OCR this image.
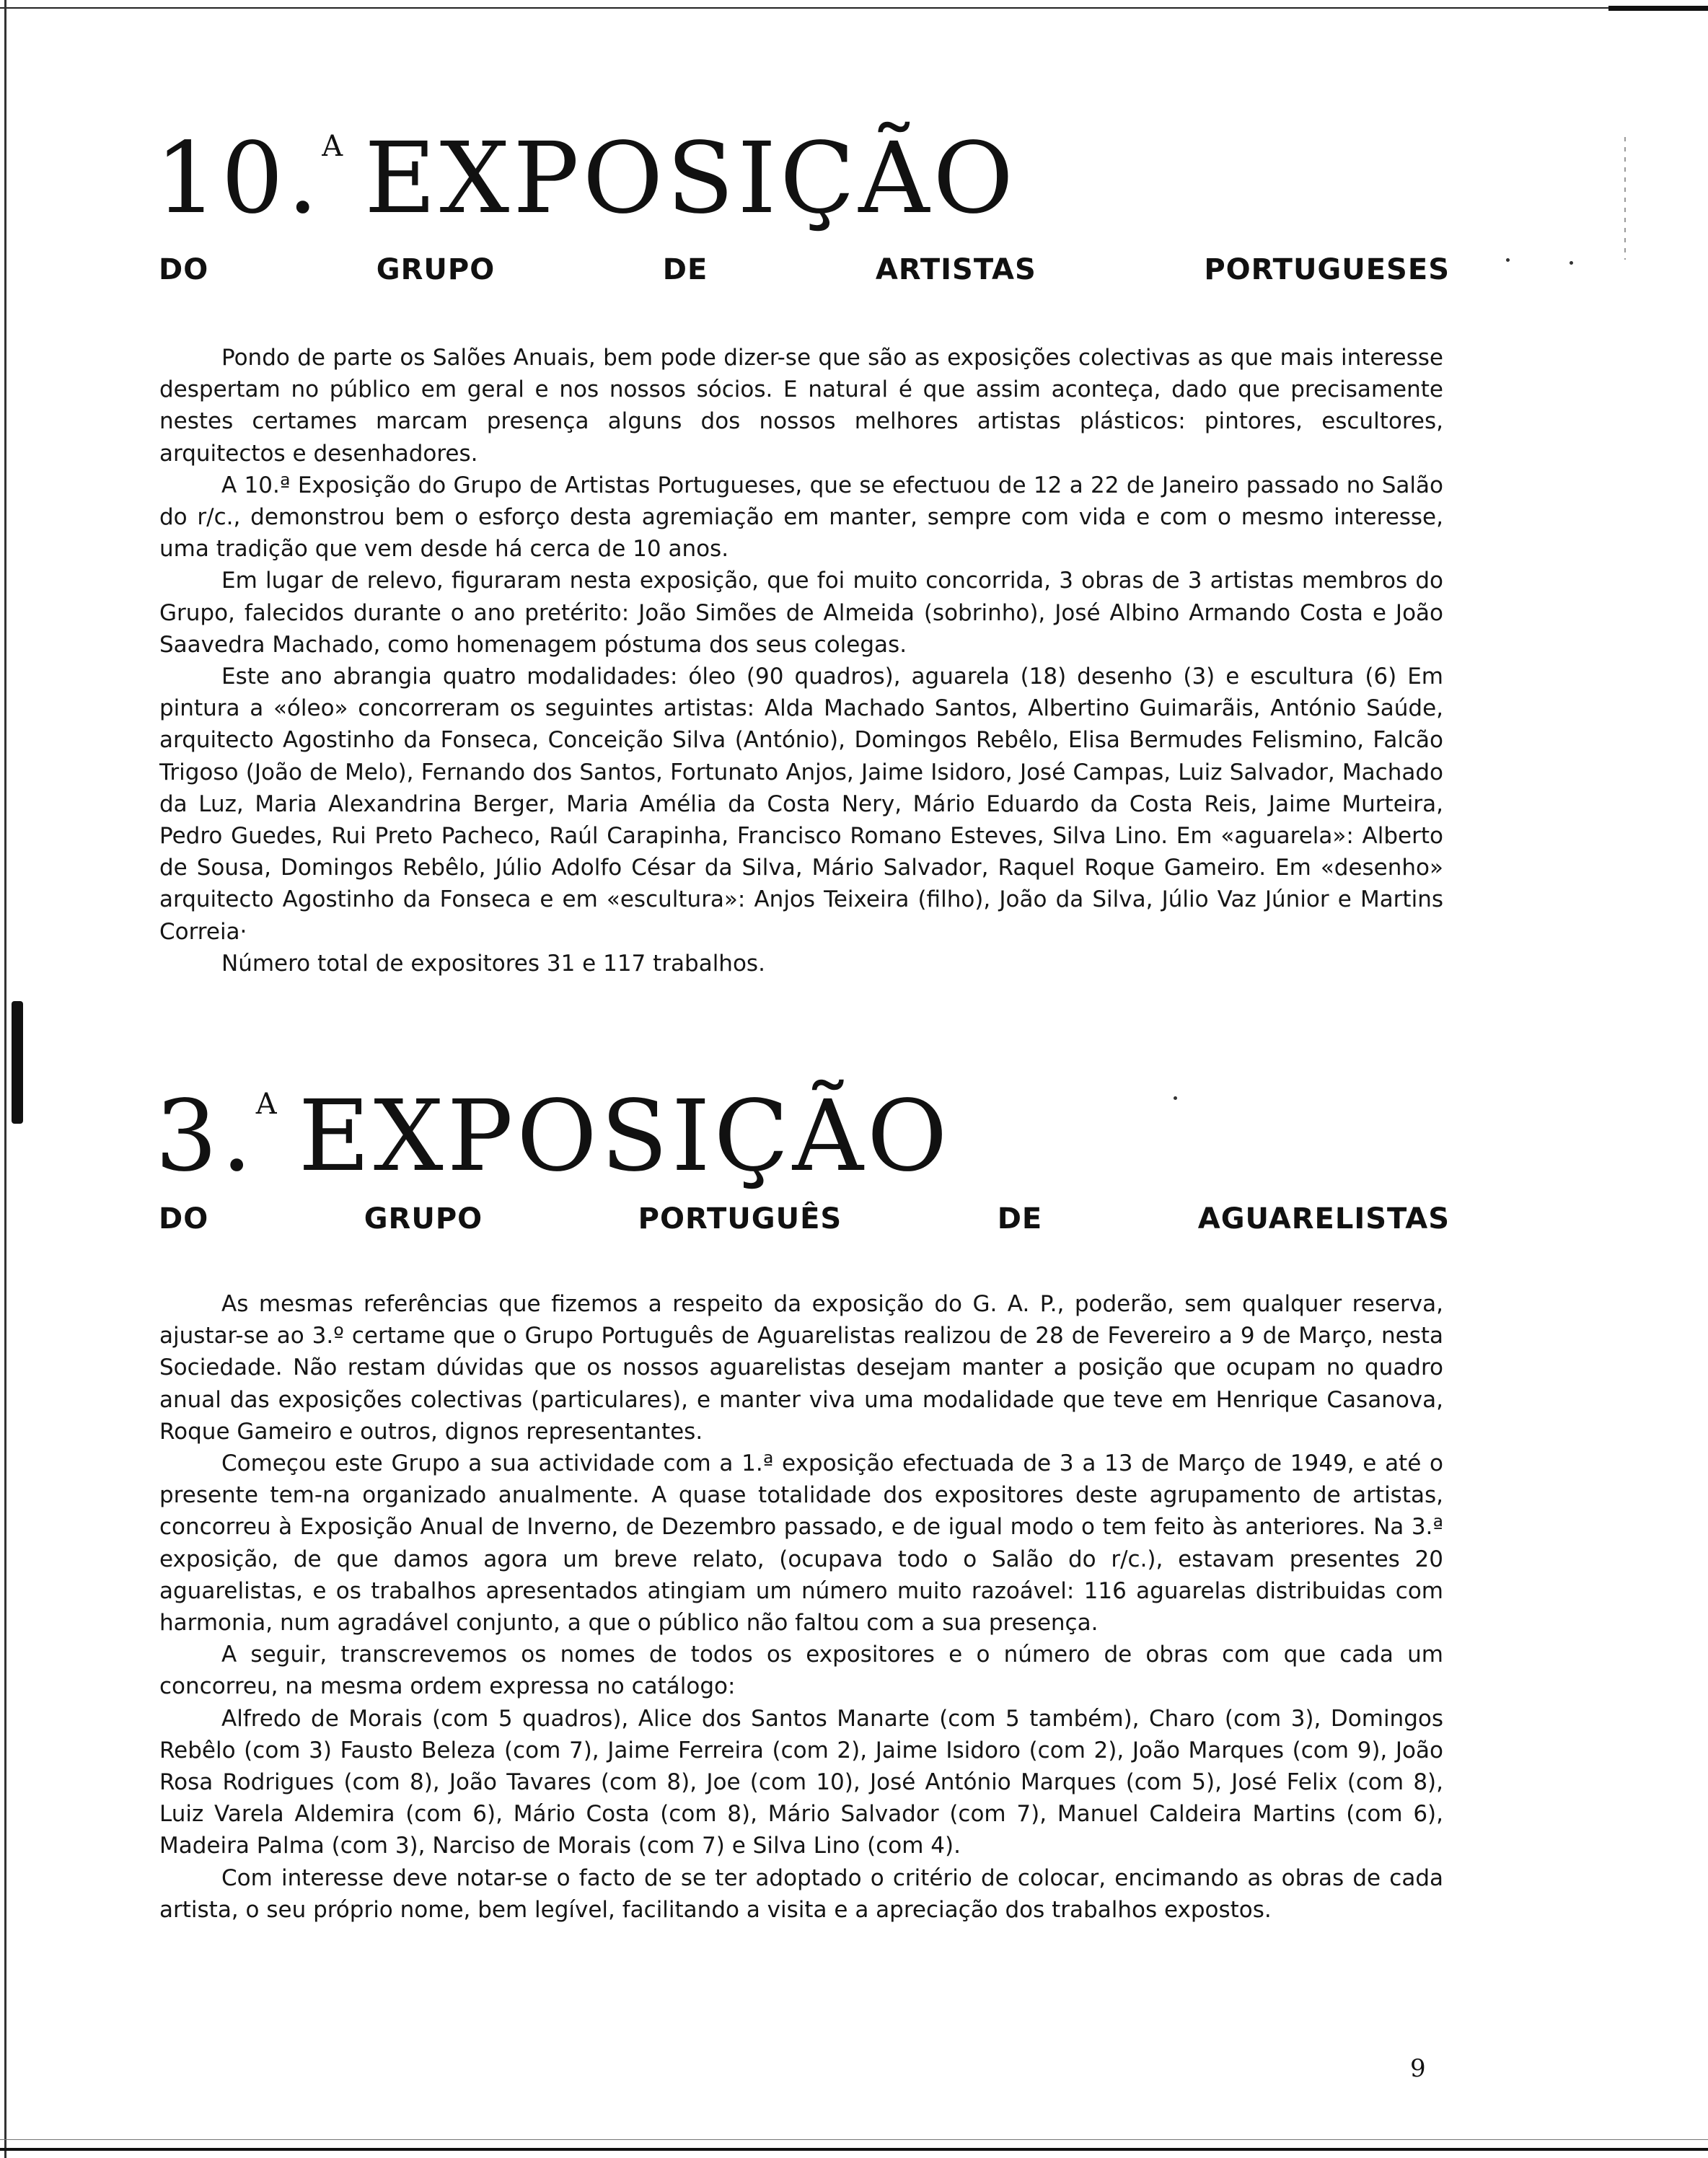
10.$^A$ EXPOSIÇÃO
DO GRUPO DE ARTISTAS PORTUGUESES

Pondo de parte os Salões Anuais, bem pode dizer-se que são as exposições colectivas as que mais interesse despertam no público em geral e nos nossos sócios. E natural é que assim aconteça, dado que precisamente nestes certames marcam presença alguns dos nossos melhores artistas plásticos: pintores, escultores, arquitectos e desenhadores.

A 10.ª Exposição do Grupo de Artistas Portugueses, que se efectuou de 12 a 22 de Janeiro passado no Salão do r/c., demonstrou bem o esforço desta agremiação em manter, sempre com vida e com o mesmo interesse, uma tradição que vem desde há cerca de 10 anos.

Em lugar de relevo, figuraram nesta exposição, que foi muito concorrida, 3 obras de 3 artistas membros do Grupo, falecidos durante o ano pretérito: João Simões de Almeida (sobrinho), José Albino Armando Costa e João Saavedra Machado, como homenagem póstuma dos seus colegas.

Este ano abrangia quatro modalidades: óleo (90 quadros), aguarela (18) desenho (3) e escultura (6) Em pintura a «óleo» concorreram os seguintes artistas: Alda Machado Santos, Albertino Guimarãis, António Saúde, arquitecto Agostinho da Fonseca, Conceição Silva (António), Domingos Rebêlo, Elisa Bermudes Felismino, Falcão Trigoso (João de Melo), Fernando dos Santos, Fortunato Anjos, Jaime Isidoro, José Campas, Luiz Salvador, Machado da Luz, Maria Alexandrina Berger, Maria Amélia da Costa Nery, Mário Eduardo da Costa Reis, Jaime Murteira, Pedro Guedes, Rui Preto Pacheco, Raúl Carapinha, Francisco Romano Esteves, Silva Lino. Em «aguarela»: Alberto de Sousa, Domingos Rebêlo, Júlio Adolfo César da Silva, Mário Salvador, Raquel Roque Gameiro. Em «desenho» arquitecto Agostinho da Fonseca e em «escultura»: Anjos Teixeira (filho), João da Silva, Júlio Vaz Júnior e Martins Correia·

Número total de expositores 31 e 117 trabalhos.

3.$^A$ EXPOSIÇÃO
DO GRUPO PORTUGUÊS DE AGUARELISTAS

As mesmas referências que fizemos a respeito da exposição do G. A. P., poderão, sem qualquer reserva, ajustar-se ao 3.º certame que o Grupo Português de Aguarelistas realizou de 28 de Fevereiro a 9 de Março, nesta Sociedade. Não restam dúvidas que os nossos aguarelistas desejam manter a posição que ocupam no quadro anual das exposições colectivas (particulares), e manter viva uma modalidade que teve em Henrique Casanova, Roque Gameiro e outros, dignos representantes.

Começou este Grupo a sua actividade com a 1.ª exposição efectuada de 3 a 13 de Março de 1949, e até o presente tem-na organizado anualmente. A quase totalidade dos expositores deste agrupamento de artistas, concorreu à Exposição Anual de Inverno, de Dezembro passado, e de igual modo o tem feito às anteriores. Na 3.ª exposição, de que damos agora um breve relato, (ocupava todo o Salão do r/c.), estavam presentes 20 aguarelistas, e os trabalhos apresentados atingiam um número muito razoável: 116 aguarelas distribuidas com harmonia, num agradável conjunto, a que o público não faltou com a sua presença.

A seguir, transcrevemos os nomes de todos os expositores e o número de obras com que cada um concorreu, na mesma ordem expressa no catálogo:

Alfredo de Morais (com 5 quadros), Alice dos Santos Manarte (com 5 também), Charo (com 3), Domingos Rebêlo (com 3) Fausto Beleza (com 7), Jaime Ferreira (com 2), Jaime Isidoro (com 2), João Marques (com 9), João Rosa Rodrigues (com 8), João Tavares (com 8), Joe (com 10), José António Marques (com 5), José Felix (com 8), Luiz Varela Aldemira (com 6), Mário Costa (com 8), Mário Salvador (com 7), Manuel Caldeira Martins (com 6), Madeira Palma (com 3), Narciso de Morais (com 7) e Silva Lino (com 4).

Com interesse deve notar-se o facto de se ter adoptado o critério de colocar, encimando as obras de cada artista, o seu próprio nome, bem legível, facilitando a visita e a apreciação dos trabalhos expostos.

9
